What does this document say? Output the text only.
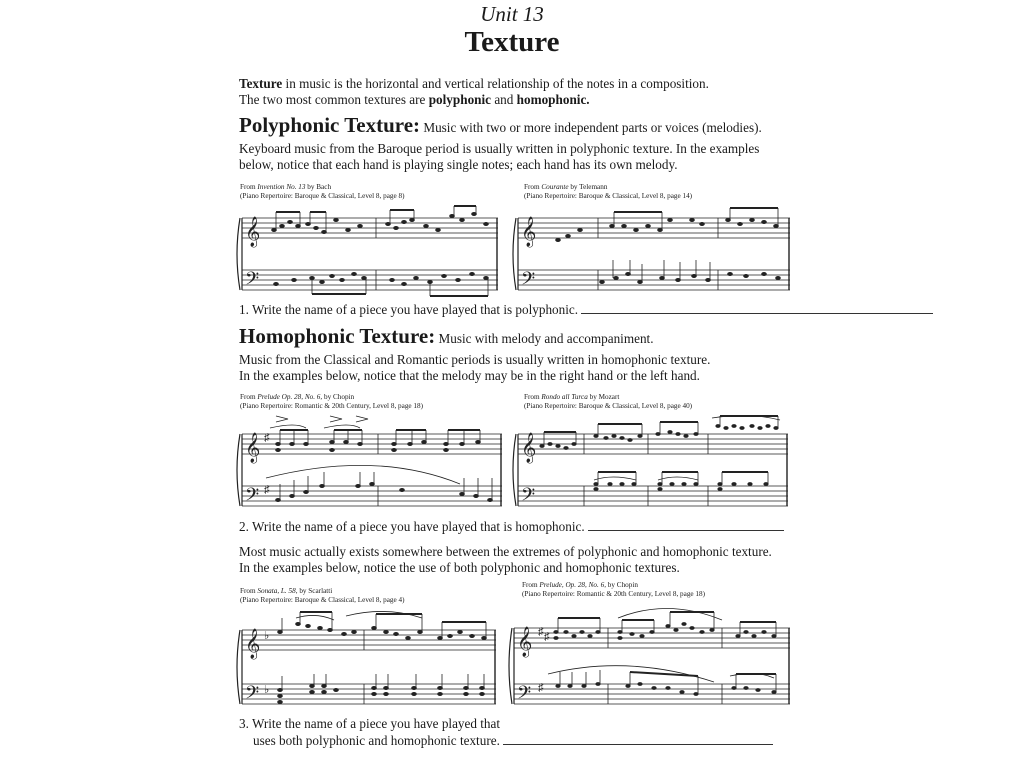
Unit 13
Texture
Texture in music is the horizontal and vertical relationship of the notes in a composition.
The two most common textures are polyphonic and homophonic.
Polyphonic Texture: Music with two or more independent parts or voices (melodies).
Keyboard music from the Baroque period is usually written in polyphonic texture. In the examples
below, notice that each hand is playing single notes; each hand has its own melody.
From Invention No. 13 by Bach
(Piano Repertoire: Baroque & Classical, Level 8, page 8)
𝄞
𝄢
From Courante by Telemann
(Piano Repertoire: Baroque & Classical, Level 8, page 14)
𝄞
𝄢
1. Write the name of a piece you have played that is polyphonic.
Homophonic Texture: Music with melody and accompaniment.
Music from the Classical and Romantic periods is usually written in homophonic texture.
In the examples below, notice that the melody may be in the right hand or the left hand.
From Prelude Op. 28, No. 6, by Chopin
(Piano Repertoire: Romantic & 20th Century, Level 8, page 18)
𝄞
𝄢
♯
♯
From Rondo all Turca by Mozart
(Piano Repertoire: Baroque & Classical, Level 8, page 40)
𝄞
𝄢
2. Write the name of a piece you have played that is homophonic.
Most music actually exists somewhere between the extremes of polyphonic and homophonic texture.
In the examples below, notice the use of both polyphonic and homophonic textures.
From Sonata, L. 58, by Scarlatti
(Piano Repertoire: Baroque & Classical, Level 8, page 4)
𝄞
𝄢
♭
♭
From Prelude, Op. 28, No. 6, by Chopin
(Piano Repertoire: Romantic & 20th Century, Level 8, page 18)
𝄞
𝄢
♯ ♯
♯
3. Write the name of a piece you have played that
uses both polyphonic and homophonic texture.
